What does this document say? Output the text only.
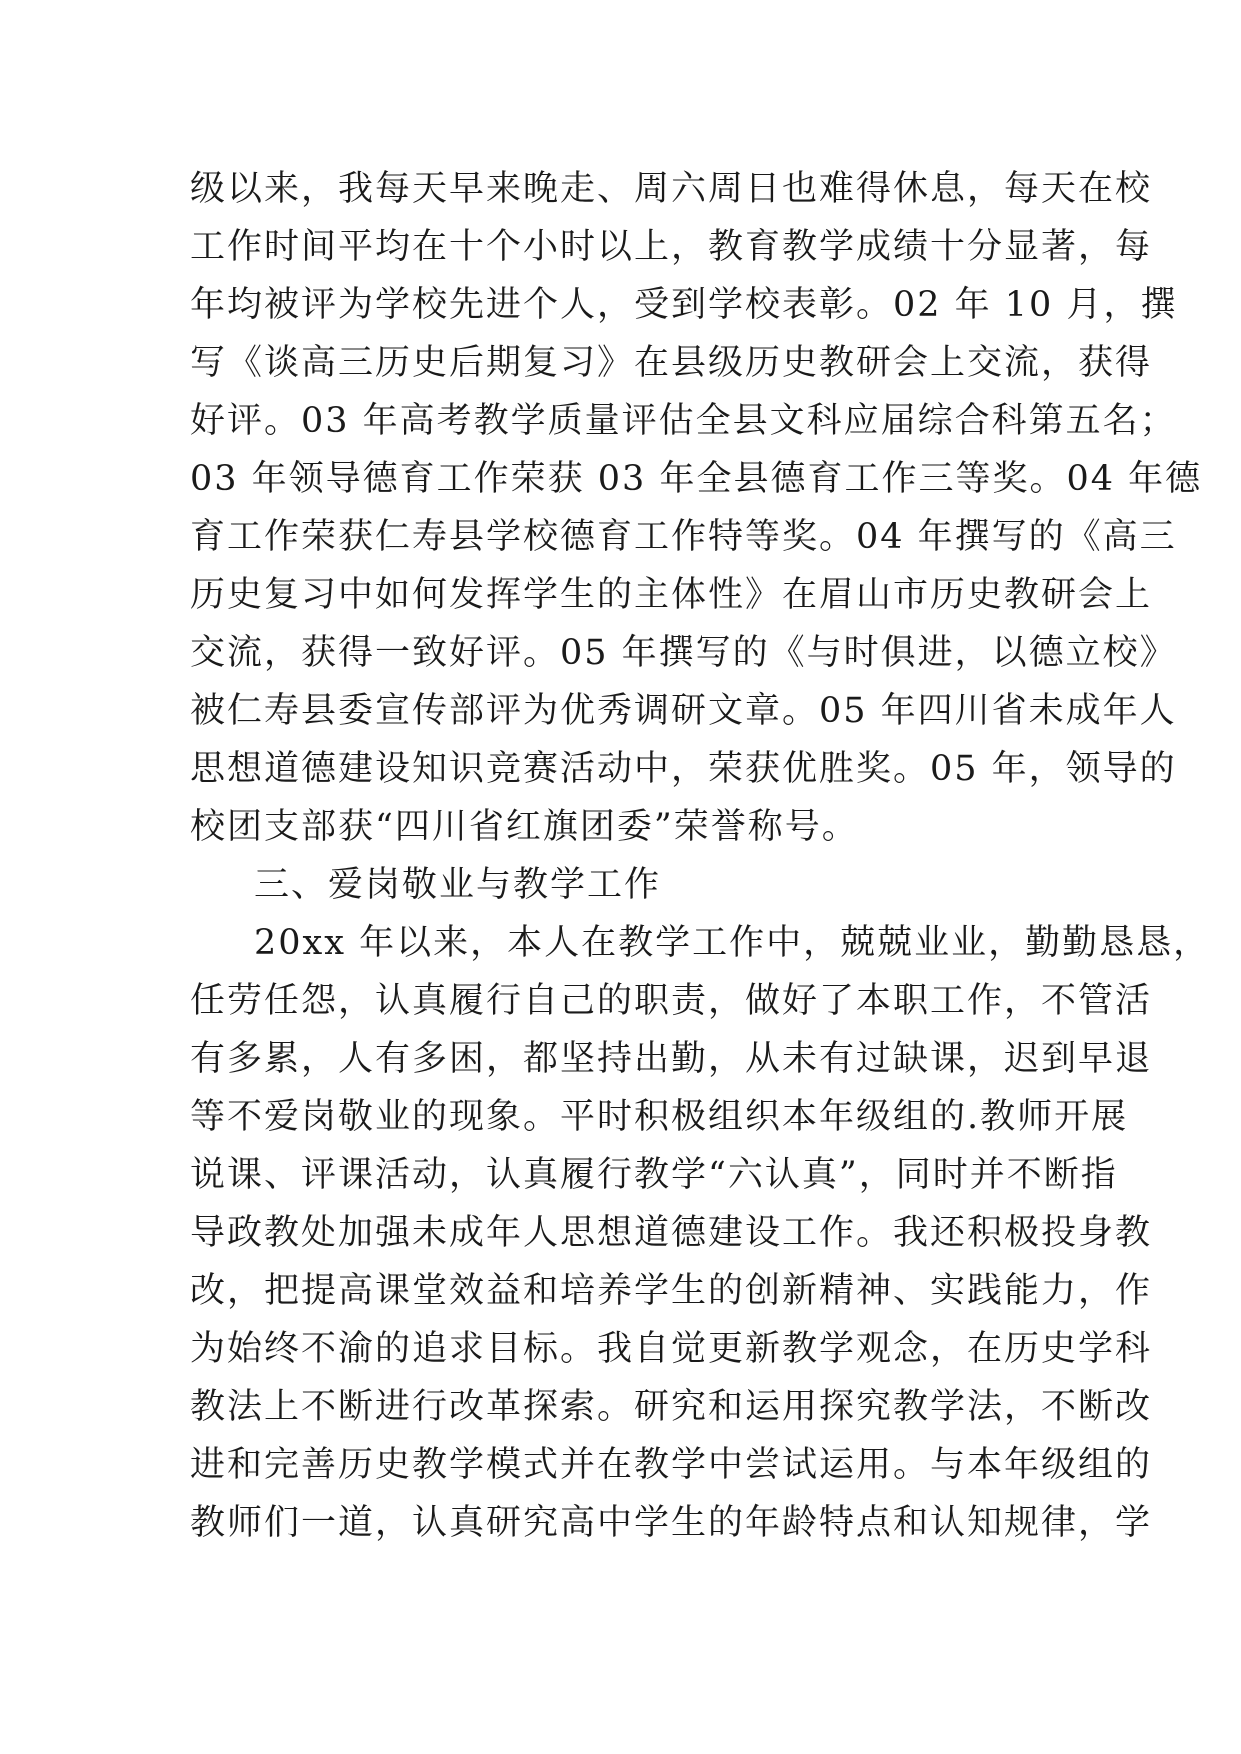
级以来，我每天早来晚走、周六周日也难得休息，每天在校
工作时间平均在十个小时以上，教育教学成绩十分显著，每
年均被评为学校先进个人，受到学校表彰。02 年 10 月，撰
写《谈高三历史后期复习》在县级历史教研会上交流，获得
好评。03 年高考教学质量评估全县文科应届综合科第五名；
03 年领导德育工作荣获 03 年全县德育工作三等奖。04 年德
育工作荣获仁寿县学校德育工作特等奖。04 年撰写的《高三
历史复习中如何发挥学生的主体性》在眉山市历史教研会上
交流，获得一致好评。05 年撰写的《与时俱进，以德立校》
被仁寿县委宣传部评为优秀调研文章。05 年四川省未成年人
思想道德建设知识竞赛活动中，荣获优胜奖。05 年，领导的
校团支部获“四川省红旗团委”荣誉称号。
三、爱岗敬业与教学工作
20xx 年以来，本人在教学工作中，兢兢业业，勤勤恳恳，
任劳任怨，认真履行自己的职责，做好了本职工作，不管活
有多累，人有多困，都坚持出勤，从未有过缺课，迟到早退
等不爱岗敬业的现象。平时积极组织本年级组的.教师开展
说课、评课活动，认真履行教学“六认真”，同时并不断指
导政教处加强未成年人思想道德建设工作。我还积极投身教
改，把提高课堂效益和培养学生的创新精神、实践能力，作
为始终不渝的追求目标。我自觉更新教学观念，在历史学科
教法上不断进行改革探索。研究和运用探究教学法，不断改
进和完善历史教学模式并在教学中尝试运用。与本年级组的
教师们一道，认真研究高中学生的年龄特点和认知规律，学
